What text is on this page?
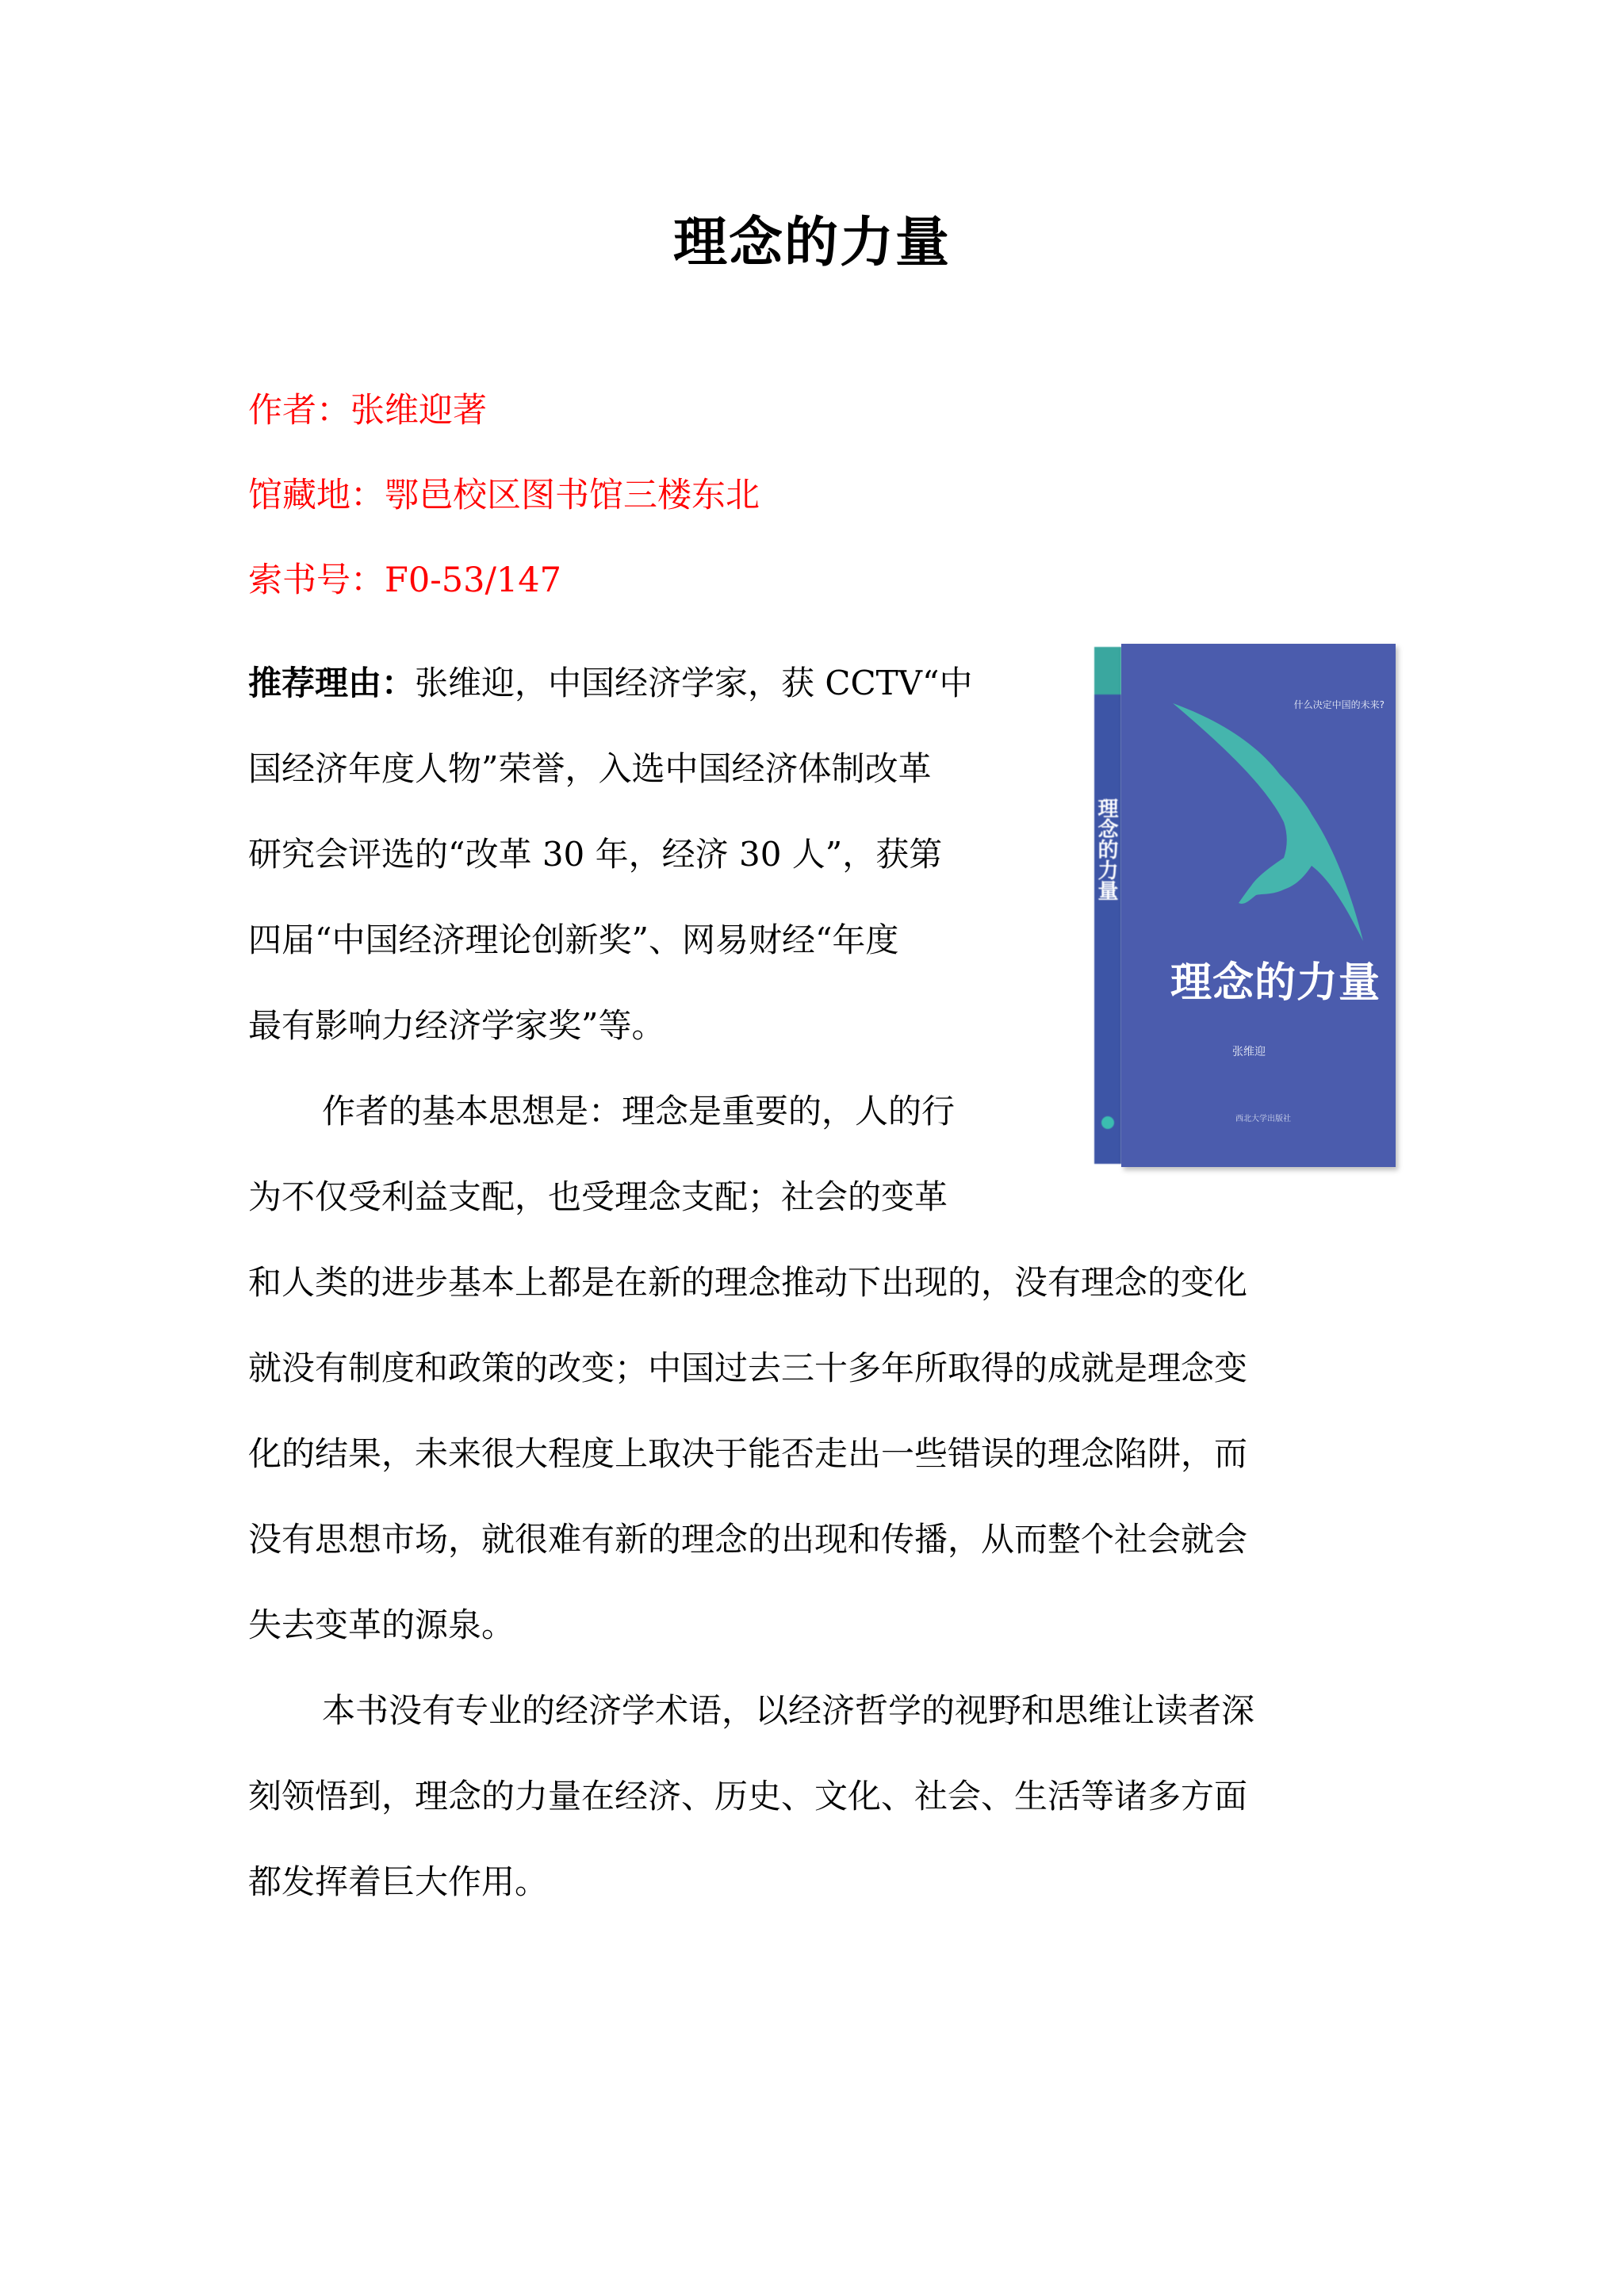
理念的力量
作者：张维迎著
馆藏地：鄂邑校区图书馆三楼东北
索书号：F0-53/147
推荐理由：张维迎，中国经济学家，获 CCTV“中
国经济年度人物”荣誉，入选中国经济体制改革
研究会评选的“改革 30 年，经济 30 人”，获第
四届“中国经济理论创新奖”、网易财经“年度
最有影响力经济学家奖”等。
作者的基本思想是：理念是重要的，人的行
为不仅受利益支配，也受理念支配；社会的变革
和人类的进步基本上都是在新的理念推动下出现的，没有理念的变化
就没有制度和政策的改变；中国过去三十多年所取得的成就是理念变
化的结果，未来很大程度上取决于能否走出一些错误的理念陷阱，而
没有思想市场，就很难有新的理念的出现和传播，从而整个社会就会
失去变革的源泉。
本书没有专业的经济学术语，以经济哲学的视野和思维让读者深
刻领悟到，理念的力量在经济、历史、文化、社会、生活等诸多方面
都发挥着巨大作用。
理念的力量
什么决定中国的未来?
理念的力量
张维迎
西北大学出版社
